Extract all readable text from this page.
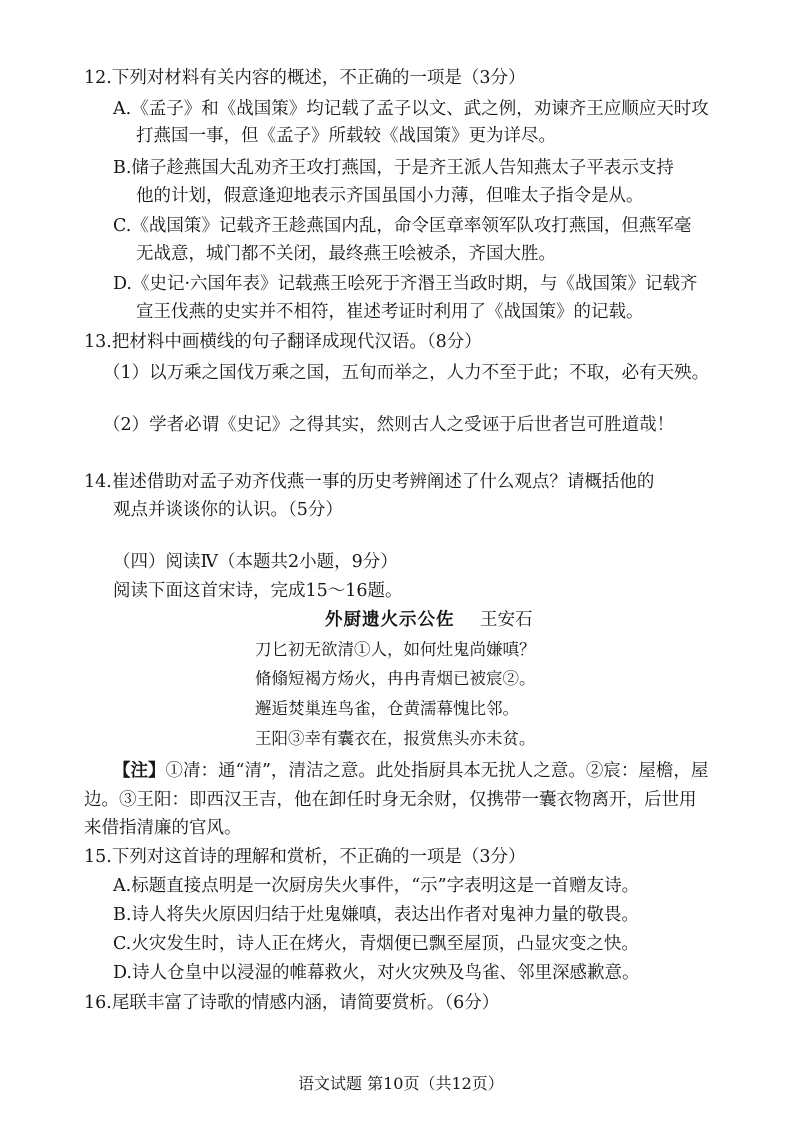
12.下列对材料有关内容的概述，不正确的一项是（3分）
A.《孟子》和《战国策》均记载了孟子以文、武之例，劝谏齐王应顺应天时攻
打燕国一事，但《孟子》所载较《战国策》更为详尽。
B.储子趁燕国大乱劝齐王攻打燕国，于是齐王派人告知燕太子平表示支持
他的计划，假意逢迎地表示齐国虽国小力薄，但唯太子指令是从。
C.《战国策》记载齐王趁燕国内乱，命令匡章率领军队攻打燕国，但燕军毫
无战意，城门都不关闭，最终燕王哙被杀，齐国大胜。
D.《史记·六国年表》记载燕王哙死于齐湣王当政时期，与《战国策》记载齐
宣王伐燕的史实并不相符，崔述考证时利用了《战国策》的记载。
13.把材料中画横线的句子翻译成现代汉语。（8分）
（1）以万乘之国伐万乘之国，五旬而举之，人力不至于此；不取，必有天殃。
（2）学者必谓《史记》之得其实，然则古人之受诬于后世者岂可胜道哉！
14.崔述借助对孟子劝齐伐燕一事的历史考辨阐述了什么观点？请概括他的
观点并谈谈你的认识。（5分）
（四）阅读Ⅳ（本题共2小题，9分）
阅读下面这首宋诗，完成15～16题。
外厨遗火示公佐 王安石
刀匕初无欲清①人，如何灶鬼尚嫌嗔？
脩翛短褐方炀火，冉冉青烟已被宸②。
邂逅焚巢连鸟雀，仓黄濡幕愧比邻。
王阳③幸有囊衣在，报赏焦头亦未贫。
【注】①凊：通“清”，清洁之意。此处指厨具本无扰人之意。②宸：屋檐，屋
边。③王阳：即西汉王吉，他在卸任时身无余财，仅携带一囊衣物离开，后世用
来借指清廉的官风。
15.下列对这首诗的理解和赏析，不正确的一项是（3分）
A.标题直接点明是一次厨房失火事件，“示”字表明这是一首赠友诗。
B.诗人将失火原因归结于灶鬼嫌嗔，表达出作者对鬼神力量的敬畏。
C.火灾发生时，诗人正在烤火，青烟便已飘至屋顶，凸显灾变之快。
D.诗人仓皇中以浸湿的帷幕救火，对火灾殃及鸟雀、邻里深感歉意。
16.尾联丰富了诗歌的情感内涵，请简要赏析。（6分）
语文试题 第10页（共12页）
